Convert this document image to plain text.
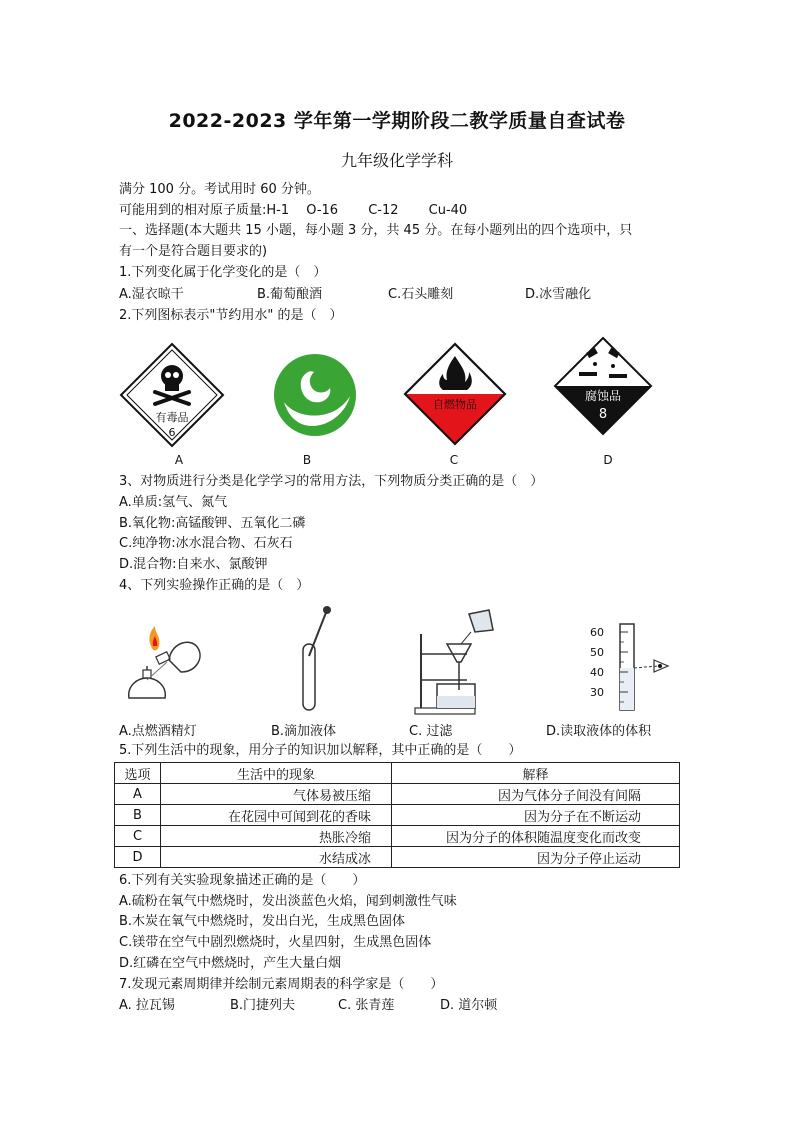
2022-2023 学年第一学期阶段二教学质量自查试卷
九年级化学学科
满分 100 分。考试用时 60 分钟。
可能用到的相对原子质量:H-1　 O-16　　 C-12　　 Cu-40
一、选择题(本大题共 15 小题，每小题 3 分，共 45 分。在每小题列出的四个选项中，只
有一个是符合题目要求的)
1.下列变化属于化学变化的是（　）
A.湿衣晾干	B.葡萄酿酒	C.石头雕刻	D.冰雪融化
2.下列图标表示"节约用水" 的是（　）
有毒品
6
自燃物品
腐蚀品
8
A	B	C	D
3、对物质进行分类是化学学习的常用方法，下列物质分类正确的是（　）
A.单质:氢气、氮气
B.氧化物:高锰酸钾、五氧化二磷
C.纯净物:冰水混合物、石灰石
D.混合物:自来水、氯酸钾
4、下列实验操作正确的是（　）
60
50
40
30
A.点燃酒精灯	B.滴加液体	C. 过滤	D.读取液体的体积
5.下列生活中的现象，用分子的知识加以解释，其中正确的是（　　）
选项	生活中的现象	解释
A	气体易被压缩	因为气体分子间没有间隔
B	在花园中可闻到花的香味	因为分子在不断运动
C	热胀冷缩	因为分子的体积随温度变化而改变
D	水结成冰	因为分子停止运动
6.下列有关实验现象描述正确的是（　　）
A.硫粉在氧气中燃烧时，发出淡蓝色火焰，闻到刺激性气味
B.木炭在氧气中燃烧时，发出白光，生成黑色固体
C.镁带在空气中剧烈燃烧时，火星四射，生成黑色固体
D.红磷在空气中燃烧时，产生大量白烟
7.发现元素周期律并绘制元素周期表的科学家是（　　）
A. 拉瓦锡	B.门捷列夫	C. 张青莲	D. 道尔顿
